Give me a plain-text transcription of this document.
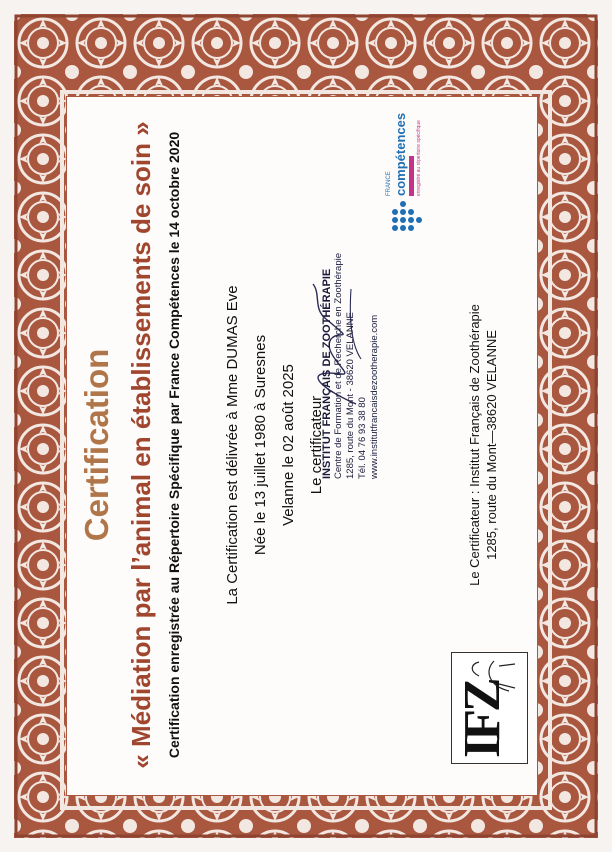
Certification « Médiation par l’animal en établissements de soin » Certification enregistrée au Répertoire Spécifique par France Compétences le 14 octobre 2020	La Certification est délivrée à Mme DUMAS Eve Née le 13 juillet 1980 à Suresnes Velanne le 02 août 2025 Le certificateur
INSTITUT FRANÇAIS DE ZOOTHÉRAPIE Centre de Formation et de Recherche en Zoothérapie 1285, route du Mont - 38620 VELANNE Tél. 04 76 93 38 80 www.institutfrancaisdezootherapie.com	Le Certificateur : Institut Français de Zoothérapie 1285, route du Mont—38620 VELANNE
FRANCE compétences enregistré au répertoire spécifique
IFZ
